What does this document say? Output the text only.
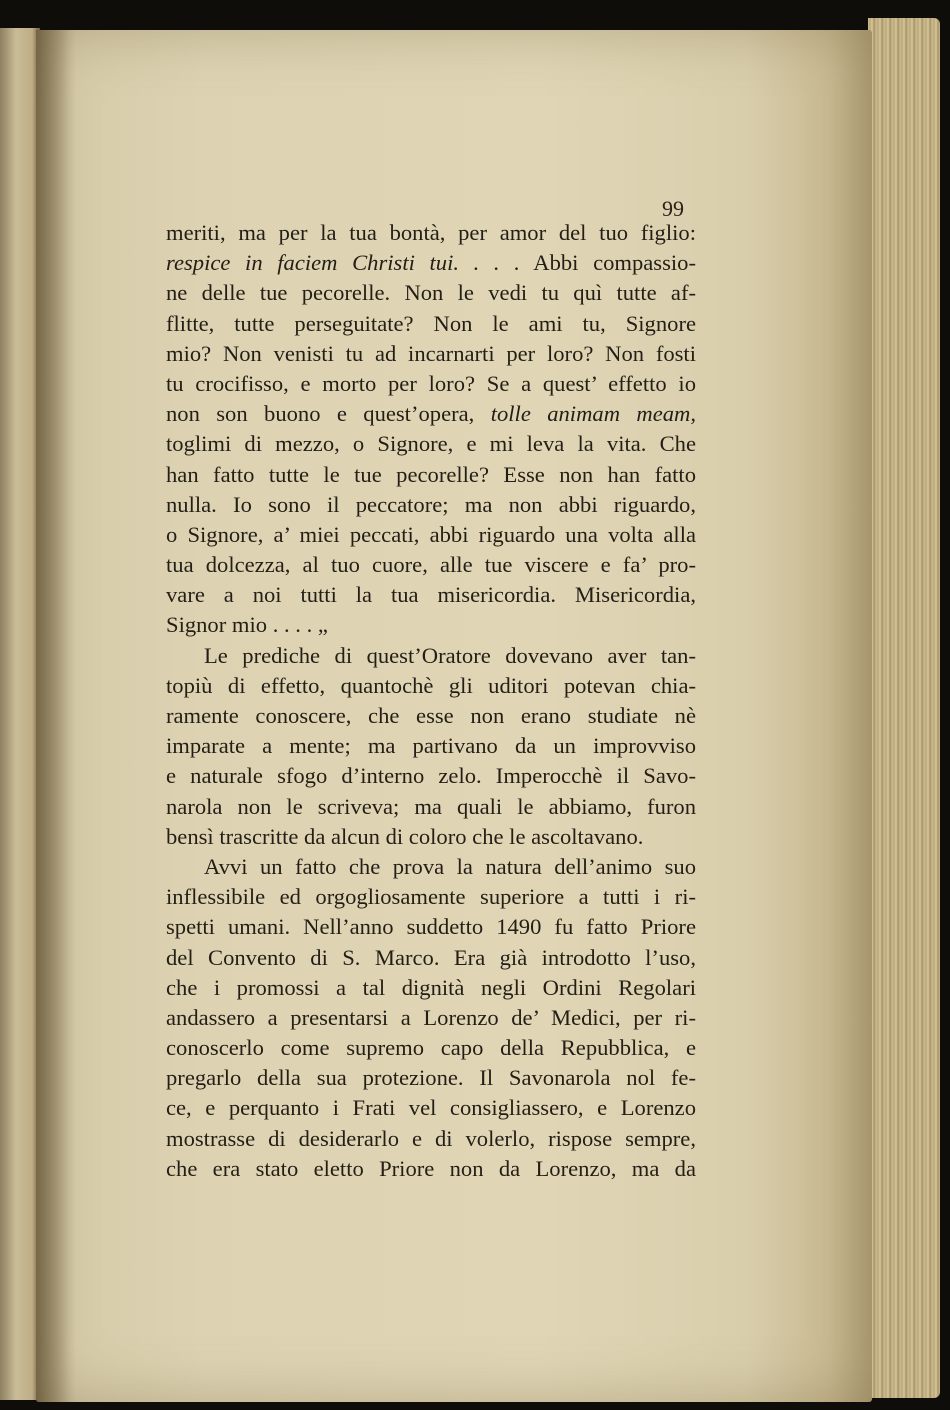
99
meriti, ma per la tua bontà, per amor del tuo figlio:
respice in faciem Christi tui. . . . Abbi compassio-
ne delle tue pecorelle. Non le vedi tu quì tutte af-
flitte, tutte perseguitate? Non le ami tu, Signore
mio? Non venisti tu ad incarnarti per loro? Non fosti
tu crocifisso, e morto per loro? Se a quest’ effetto io
non son buono e quest’opera, tolle animam meam,
toglimi di mezzo, o Signore, e mi leva la vita. Che
han fatto tutte le tue pecorelle? Esse non han fatto
nulla. Io sono il peccatore; ma non abbi riguardo,
o Signore, a’ miei peccati, abbi riguardo una volta alla
tua dolcezza, al tuo cuore, alle tue viscere e fa’ pro-
vare a noi tutti la tua misericordia. Misericordia,
Signor mio . . . . „
Le prediche di quest’Oratore dovevano aver tan-
topiù di effetto, quantochè gli uditori potevan chia-
ramente conoscere, che esse non erano studiate nè
imparate a mente; ma partivano da un improvviso
e naturale sfogo d’interno zelo. Imperocchè il Savo-
narola non le scriveva; ma quali le abbiamo, furon
bensì trascritte da alcun di coloro che le ascoltavano.
Avvi un fatto che prova la natura dell’animo suo
inflessibile ed orgogliosamente superiore a tutti i ri-
spetti umani. Nell’anno suddetto 1490 fu fatto Priore
del Convento di S. Marco. Era già introdotto l’uso,
che i promossi a tal dignità negli Ordini Regolari
andassero a presentarsi a Lorenzo de’ Medici, per ri-
conoscerlo come supremo capo della Repubblica, e
pregarlo della sua protezione. Il Savonarola nol fe-
ce, e perquanto i Frati vel consigliassero, e Lorenzo
mostrasse di desiderarlo e di volerlo, rispose sempre,
che era stato eletto Priore non da Lorenzo, ma da
